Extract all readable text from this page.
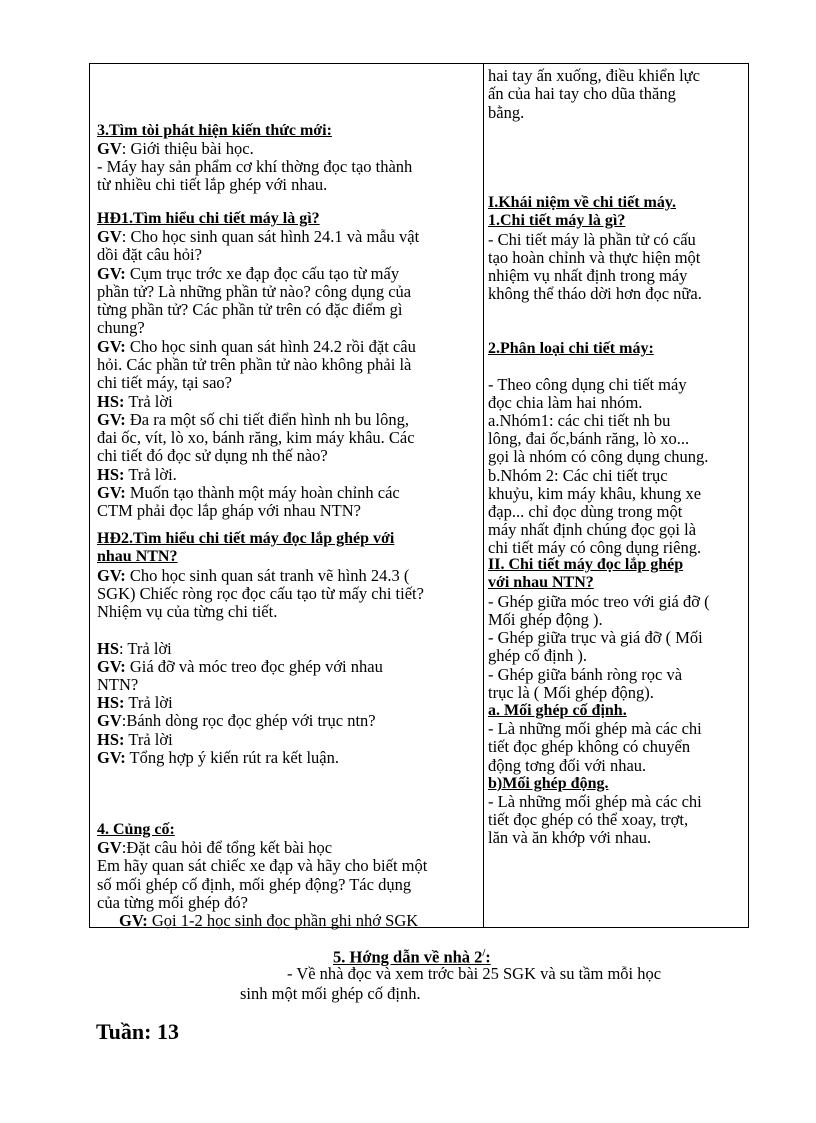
3.Tìm tòi phát hiện kiến thức mới:
GV: Giới thiệu bài học.
- Máy hay sản phẩm cơ khí thờng đọc tạo thành
từ nhiều chi tiết lắp ghép với nhau.
HĐ1.Tìm hiểu chi tiết máy là gì?
GV: Cho học sinh quan sát hình 24.1 và mẫu vật
dồi đặt câu hỏi?
GV: Cụm trục trớc xe đạp đọc cấu tạo từ mấy
phần tử? Là những phần tử nào? công dụng của
từng phần tử? Các phần tử trên có đặc điểm gì
chung?
GV: Cho học sinh quan sát hình 24.2 rồi đặt câu
hỏi. Các phần tử trên phần tử nào không phải là
chi tiết máy, tại sao?
HS: Trả lời
GV: Đa ra một số chi tiết điển hình nh bu lông,
đai ốc, vít, lò xo, bánh răng, kim máy khâu. Các
chi tiết đó đọc sử dụng nh thế nào?
HS: Trả lời.
GV: Muốn tạo thành một máy hoàn chỉnh các
CTM phải đọc lắp gháp với nhau NTN?
HĐ2.Tìm hiểu chi tiết máy đọc lắp ghép với
nhau NTN?
GV: Cho học sinh quan sát tranh vẽ hình 24.3 (
SGK) Chiếc ròng rọc đọc cấu tạo từ mấy chi tiết?
Nhiệm vụ của từng chi tiết.
HS: Trả lời
GV: Giá đỡ và móc treo đọc ghép với nhau
NTN?
HS: Trả lời
GV:Bánh dòng rọc đọc ghép với trục ntn?
HS: Trả lời
GV: Tổng hợp ý kiến rút ra kết luận.
4. Củng cố:
GV:Đặt câu hỏi để tổng kết bài học
Em hãy quan sát chiếc xe đạp và hãy cho biết một
số mối ghép cố định, mối ghép động? Tác dụng
của từng mối ghép đó?
GV: Gọi 1-2 học sinh đọc phần ghi nhớ SGK
hai tay ấn xuống, điều khiển lực
ấn của hai tay cho dũa thăng
bằng.
I.Khái niệm về chi tiết máy.
1.Chi tiết máy là gì?
- Chi tiết máy là phần tử có cấu
tạo hoàn chỉnh và thực hiện một
nhiệm vụ nhất định trong máy
không thể tháo dời hơn đọc nữa.
2.Phân loại chi tiết máy:
- Theo công dụng chi tiết máy
đọc chia làm hai nhóm.
a.Nhóm1: các chi tiết nh bu
lông, đai ốc,bánh răng, lò xo...
gọi là nhóm có công dụng chung.
b.Nhóm 2: Các chi tiết trục
khuỷu, kim máy khâu, khung xe
đạp... chỉ đọc dùng trong một
máy nhất định chúng đọc gọi là
chi tiết máy có công dụng riêng.
II. Chi tiết máy đọc lắp ghép
với nhau NTN?
- Ghép giữa móc treo với giá đỡ (
Mối ghép động ).
- Ghép giữa trục và giá đỡ ( Mối
ghép cố định ).
- Ghép giữa bánh ròng rọc và
trục là ( Mối ghép động).
a. Mối ghép cố định.
- Là những mối ghép mà các chi
tiết đọc ghép không có chuyển
động tơng đối với nhau.
b)Mối ghép động.
- Là những mối ghép mà các chi
tiết đọc ghép có thể xoay, trợt,
lăn và ăn khớp với nhau.
5. Hớng dẫn về nhà 2/:
- Về nhà đọc và xem trớc bài 25 SGK và su tầm mỗi học
sinh một mối ghép cố định.
Tuần: 13
